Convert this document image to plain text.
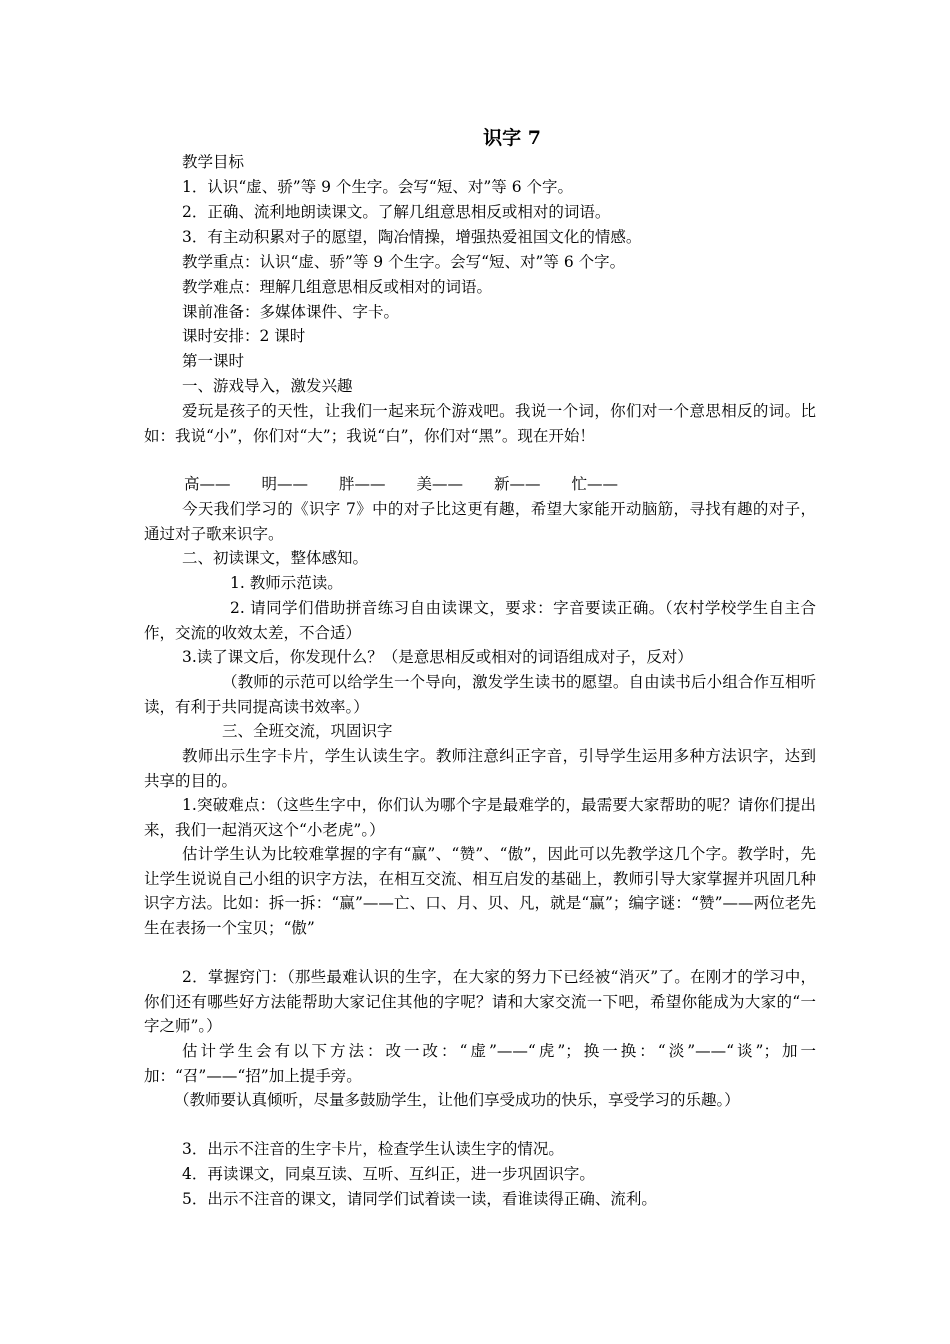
识字 7
教学目标
1．认识“虚、骄”等 9 个生字。会写“短、对”等 6 个字。
2．正确、流利地朗读课文。了解几组意思相反或相对的词语。
3．有主动积累对子的愿望，陶冶情操，增强热爱祖国文化的情感。
教学重点：认识“虚、骄”等 9 个生字。会写“短、对”等 6 个字。
教学难点：理解几组意思相反或相对的词语。
课前准备：多媒体课件、字卡。
课时安排：2 课时
第一课时
一、游戏导入，激发兴趣
爱玩是孩子的天性，让我们一起来玩个游戏吧。我说一个词，你们对一个意思相反的词。比如：我说“小”，你们对“大”；我说“白”，你们对“黑”。现在开始！
高——　　明——　　胖——　　美——　　新——　　忙——
今天我们学习的《识字 7》中的对子比这更有趣，希望大家能开动脑筋，寻找有趣的对子，通过对子歌来识字。
二、初读课文，整体感知。
1. 教师示范读。
2. 请同学们借助拼音练习自由读课文，要求：字音要读正确。（农村学校学生自主合作，交流的收效太差，不合适）
3.读了课文后，你发现什么？（是意思相反或相对的词语组成对子，反对）
（教师的示范可以给学生一个导向，激发学生读书的愿望。自由读书后小组合作互相听读，有利于共同提高读书效率。）
三、全班交流，巩固识字
教师出示生字卡片，学生认读生字。教师注意纠正字音，引导学生运用多种方法识字，达到共享的目的。
1.突破难点：（这些生字中，你们认为哪个字是最难学的，最需要大家帮助的呢？请你们提出来，我们一起消灭这个“小老虎”。）
估计学生认为比较难掌握的字有“赢”、“赞”、“傲”，因此可以先教学这几个字。教学时，先让学生说说自己小组的识字方法，在相互交流、相互启发的基础上，教师引导大家掌握并巩固几种识字方法。比如：拆一拆：“赢”——亡、口、月、贝、凡，就是“赢”；编字谜：“赞”——两位老先生在表扬一个宝贝；“傲”
2．掌握窍门：（那些最难认识的生字，在大家的努力下已经被“消灭”了。在刚才的学习中，你们还有哪些好方法能帮助大家记住其他的字呢？请和大家交流一下吧，希望你能成为大家的“一字之师”。）
估计学生会有以下方法：改一改：“虚”——“虎”；换一换：“淡”——“谈”；加一加：“召”——“招”加上提手旁。
（教师要认真倾听，尽量多鼓励学生，让他们享受成功的快乐，享受学习的乐趣。）
3．出示不注音的生字卡片，检查学生认读生字的情况。
4．再读课文，同桌互读、互听、互纠正，进一步巩固识字。
5．出示不注音的课文，请同学们试着读一读，看谁读得正确、流利。
